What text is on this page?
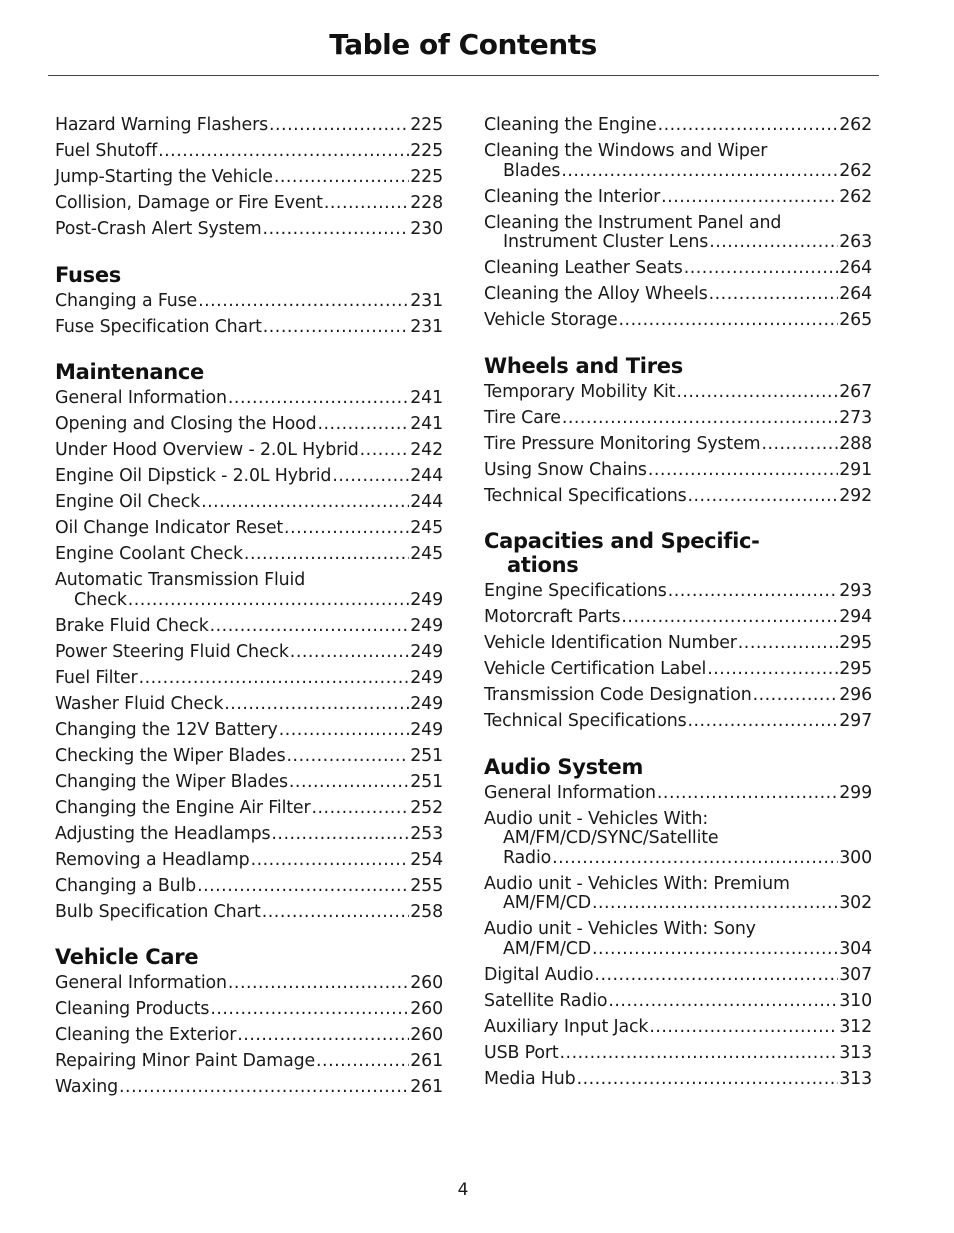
Table of Contents
Hazard Warning Flashers .....	225
Fuel Shutoff .....	225
Jump-Starting the Vehicle .....	225
Collision, Damage or Fire Event .....	228
Post-Crash Alert System .....	230
Fuses
Changing a Fuse .....	231
Fuse Specification Chart .....	231
Maintenance
General Information .....	241
Opening and Closing the Hood .....	241
Under Hood Overview - 2.0L Hybrid .....	242
Engine Oil Dipstick - 2.0L Hybrid .....	244
Engine Oil Check .....	244
Oil Change Indicator Reset .....	245
Engine Coolant Check .....	245
Automatic Transmission Fluid
Check .....	249
Brake Fluid Check .....	249
Power Steering Fluid Check .....	249
Fuel Filter .....	249
Washer Fluid Check .....	249
Changing the 12V Battery .....	249
Checking the Wiper Blades .....	251
Changing the Wiper Blades .....	251
Changing the Engine Air Filter .....	252
Adjusting the Headlamps .....	253
Removing a Headlamp .....	254
Changing a Bulb .....	255
Bulb Specification Chart .....	258
Vehicle Care
General Information .....	260
Cleaning Products .....	260
Cleaning the Exterior .....	260
Repairing Minor Paint Damage .....	261
Waxing .....	261
Cleaning the Engine .....	262
Cleaning the Windows and Wiper
Blades .....	262
Cleaning the Interior .....	262
Cleaning the Instrument Panel and
Instrument Cluster Lens .....	263
Cleaning Leather Seats .....	264
Cleaning the Alloy Wheels .....	264
Vehicle Storage .....	265
Wheels and Tires
Temporary Mobility Kit .....	267
Tire Care .....	273
Tire Pressure Monitoring System .....	288
Using Snow Chains .....	291
Technical Specifications .....	292
Capacities and Specific-
ations
Engine Specifications .....	293
Motorcraft Parts .....	294
Vehicle Identification Number .....	295
Vehicle Certification Label .....	295
Transmission Code Designation .....	296
Technical Specifications .....	297
Audio System
General Information .....	299
Audio unit - Vehicles With:
AM/FM/CD/SYNC/Satellite
Radio .....	300
Audio unit - Vehicles With: Premium
AM/FM/CD .....	302
Audio unit - Vehicles With: Sony
AM/FM/CD .....	304
Digital Audio .....	307
Satellite Radio .....	310
Auxiliary Input Jack .....	312
USB Port .....	313
Media Hub .....	313
4
